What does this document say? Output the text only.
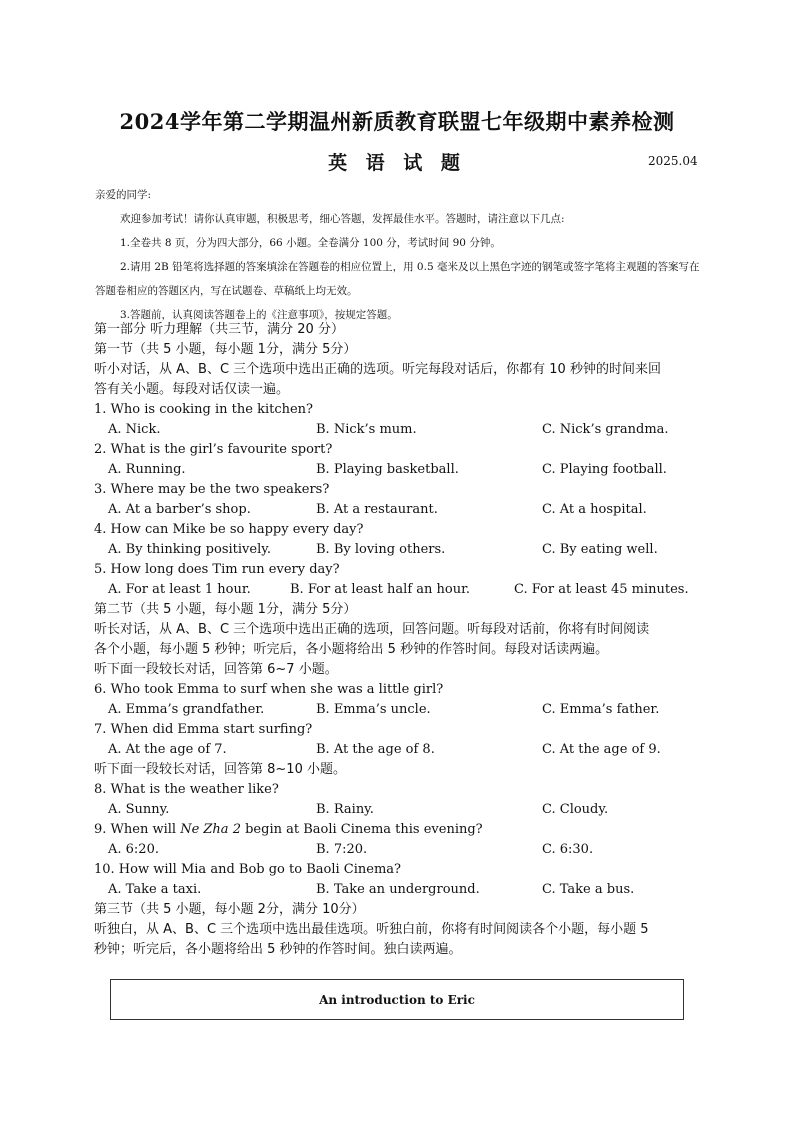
2024学年第二学期温州新质教育联盟七年级期中素养检测
英 语 试 题	2025.04
亲爱的同学:
欢迎参加考试！请你认真审题，积极思考，细心答题，发挥最佳水平。答题时，请注意以下几点:
1.全卷共 8 页，分为四大部分，66 小题。全卷满分 100 分，考试时间 90 分钟。

2.请用 2B 铅笔将选择题的答案填涂在答题卷的相应位置上，用 0.5 毫米及以上黑色字迹的钢笔或签字笔将主观题的答案写在答题卷相应的答题区内，写在试题卷、草稿纸上均无效。

3.答题前，认真阅读答题卷上的《注意事项》，按规定答题。
第一部分 听力理解（共三节，满分 20 分）
第一节（共 5 小题，每小题 1分，满分 5分）
听小对话，从 A、B、C 三个选项中选出正确的选项。听完每段对话后，你都有 10 秒钟的时间来回
答有关小题。每段对话仅读一遍。
1. Who is cooking in the kitchen?
A. Nick.	B. Nick’s mum.	C. Nick’s grandma.
2. What is the girl’s favourite sport?
A. Running.	B. Playing basketball.	C. Playing football.
3. Where may be the two speakers?
A. At a barber’s shop.	B. At a restaurant.	C. At a hospital.
4. How can Mike be so happy every day?
A. By thinking positively.	B. By loving others.	C. By eating well.
5. How long does Tim run every day?
A. For at least 1 hour.	B. For at least half an hour.	C. For at least 45 minutes.
第二节（共 5 小题，每小题 1分，满分 5分）
听长对话，从 A、B、C 三个选项中选出正确的选项，回答问题。听每段对话前，你将有时间阅读
各个小题，每小题 5 秒钟；听完后，各小题将给出 5 秒钟的作答时间。每段对话读两遍。
听下面一段较长对话，回答第 6~7 小题。
6. Who took Emma to surf when she was a little girl?
A. Emma’s grandfather.	B. Emma’s uncle.	C. Emma’s father.
7. When did Emma start surfing?
A. At the age of 7.	B. At the age of 8.	C. At the age of 9.
听下面一段较长对话，回答第 8~10 小题。
8. What is the weather like?
A. Sunny.	B. Rainy.	C. Cloudy.
9. When will Ne Zha 2 begin at Baoli Cinema this evening?
A. 6:20.	B. 7:20.	C. 6:30.
10. How will Mia and Bob go to Baoli Cinema?
A. Take a taxi.	B. Take an underground.	C. Take a bus.
第三节（共 5 小题，每小题 2分，满分 10分）
听独白，从 A、B、C 三个选项中选出最佳选项。听独白前，你将有时间阅读各个小题，每小题 5
秒钟；听完后，各小题将给出 5 秒钟的作答时间。独白读两遍。
An introduction to Eric
